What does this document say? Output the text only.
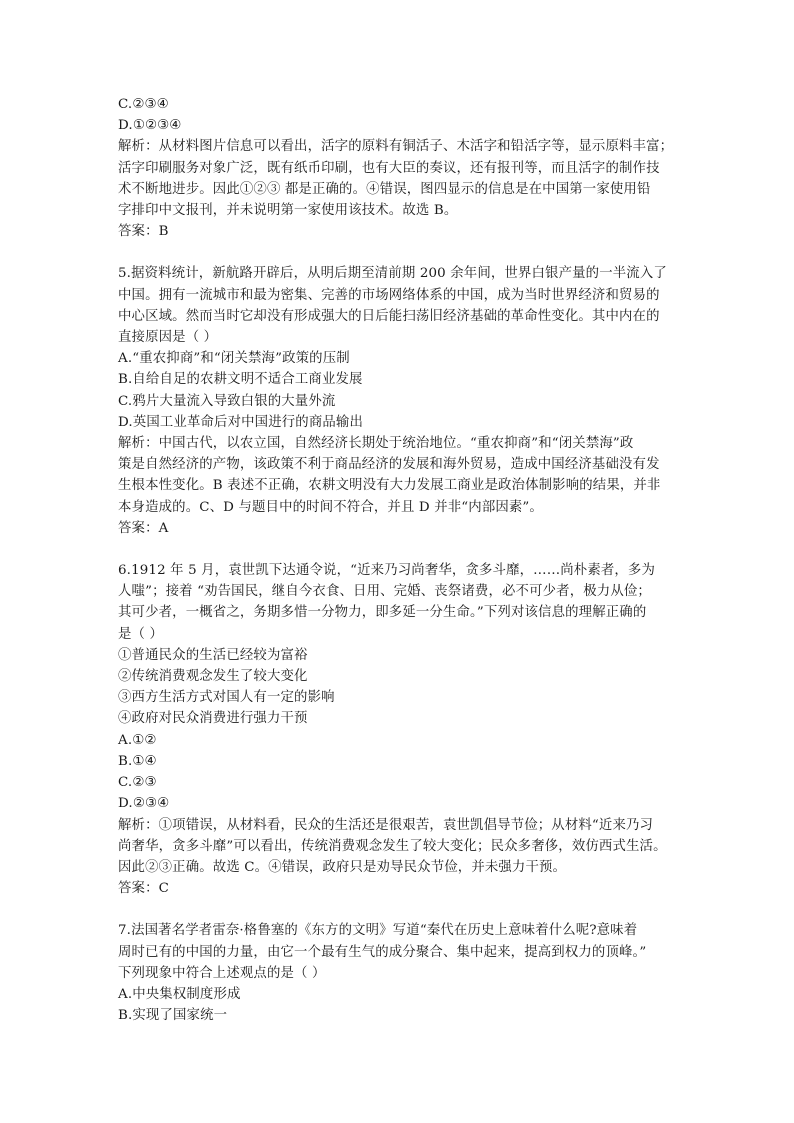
C.②③④
D.①②③④
解析：从材料图片信息可以看出，活字的原料有铜活子、木活字和铅活字等，显示原料丰富；
活字印刷服务对象广泛，既有纸币印刷，也有大臣的奏议，还有报刊等，而且活字的制作技
术不断地进步。因此①②③ 都是正确的。④错误，图四显示的信息是在中国第一家使用铅
字排印中文报刊，并未说明第一家使用该技术。故选 B。
答案：B
5.据资料统计，新航路开辟后，从明后期至清前期 200 余年间，世界白银产量的一半流入了
中国。拥有一流城市和最为密集、完善的市场网络体系的中国，成为当时世界经济和贸易的
中心区域。然而当时它却没有形成强大的日后能扫荡旧经济基础的革命性变化。其中内在的
直接原因是（ ）
A.“重农抑商”和“闭关禁海”政策的压制
B.自给自足的农耕文明不适合工商业发展
C.鸦片大量流入导致白银的大量外流
D.英国工业革命后对中国进行的商品输出
解析：中国古代，以农立国，自然经济长期处于统治地位。“重农抑商”和“闭关禁海”政
策是自然经济的产物，该政策不利于商品经济的发展和海外贸易，造成中国经济基础没有发
生根本性变化。B 表述不正确，农耕文明没有大力发展工商业是政治体制影响的结果，并非
本身造成的。C、D 与题目中的时间不符合，并且 D 并非“内部因素”。
答案：A
6.1912 年 5 月，袁世凯下达通令说，“近来乃习尚奢华，贪多斗靡，……尚朴素者，多为
人嗤”；接着 “劝告国民，继自今衣食、日用、完婚、丧祭诸费，必不可少者，极力从俭；
其可少者，一概省之，务期多惜一分物力，即多延一分生命。”下列对该信息的理解正确的
是（ ）
①普通民众的生活已经较为富裕
②传统消费观念发生了较大变化
③西方生活方式对国人有一定的影响
④政府对民众消费进行强力干预
A.①②
B.①④
C.②③
D.②③④
解析：①项错误，从材料看，民众的生活还是很艰苦，袁世凯倡导节俭；从材料“近来乃习
尚奢华，贪多斗靡”可以看出，传统消费观念发生了较大变化；民众多奢侈，效仿西式生活。
因此②③正确。故选 C。④错误，政府只是劝导民众节俭，并未强力干预。
答案：C
7.法国著名学者雷奈·格鲁塞的《东方的文明》写道“秦代在历史上意味着什么呢?意味着
周时已有的中国的力量，由它一个最有生气的成分聚合、集中起来，提高到权力的顶峰。”
下列现象中符合上述观点的是（ ）
A.中央集权制度形成
B.实现了国家统一
